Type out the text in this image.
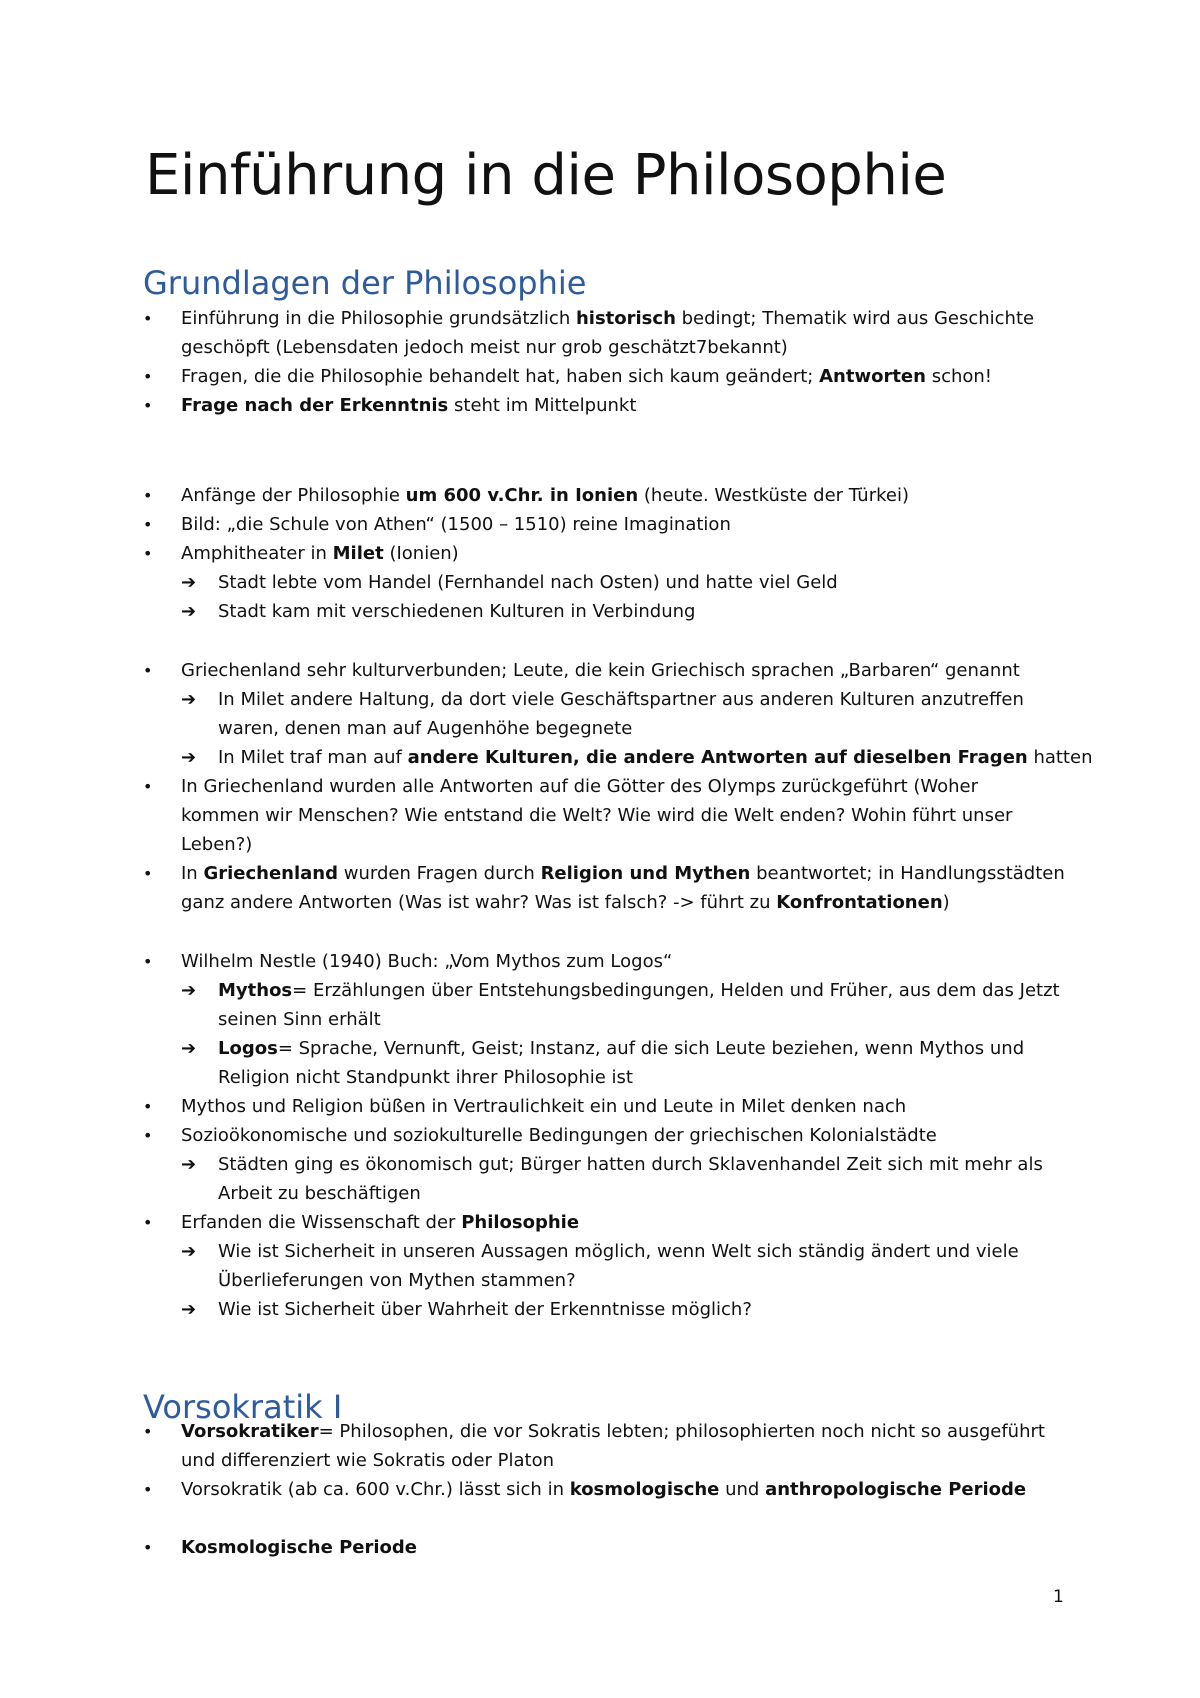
Einführung in die Philosophie
Grundlagen der Philosophie
Vorsokratik I
• Einführung in die Philosophie grundsätzlich historisch bedingt; Thematik wird aus Geschichte
geschöpft (Lebensdaten jedoch meist nur grob geschätzt7bekannt)
• Fragen, die die Philosophie behandelt hat, haben sich kaum geändert; Antworten schon!
• Frage nach der Erkenntnis steht im Mittelpunkt
• Anfänge der Philosophie um 600 v.Chr. in Ionien (heute. Westküste der Türkei)
• Bild: „die Schule von Athen“ (1500 – 1510) reine Imagination
• Amphitheater in Milet (Ionien)
➔ Stadt lebte vom Handel (Fernhandel nach Osten) und hatte viel Geld
➔ Stadt kam mit verschiedenen Kulturen in Verbindung
• Griechenland sehr kulturverbunden; Leute, die kein Griechisch sprachen „Barbaren“ genannt
➔ In Milet andere Haltung, da dort viele Geschäftspartner aus anderen Kulturen anzutreffen
waren, denen man auf Augenhöhe begegnete
➔ In Milet traf man auf andere Kulturen, die andere Antworten auf dieselben Fragen hatten
• In Griechenland wurden alle Antworten auf die Götter des Olymps zurückgeführt (Woher
kommen wir Menschen? Wie entstand die Welt? Wie wird die Welt enden? Wohin führt unser
Leben?)
• In Griechenland wurden Fragen durch Religion und Mythen beantwortet; in Handlungsstädten
ganz andere Antworten (Was ist wahr? Was ist falsch? -> führt zu Konfrontationen)
• Wilhelm Nestle (1940) Buch: „Vom Mythos zum Logos“
➔ Mythos= Erzählungen über Entstehungsbedingungen, Helden und Früher, aus dem das Jetzt
seinen Sinn erhält
➔ Logos= Sprache, Vernunft, Geist; Instanz, auf die sich Leute beziehen, wenn Mythos und
Religion nicht Standpunkt ihrer Philosophie ist
• Mythos und Religion büßen in Vertraulichkeit ein und Leute in Milet denken nach
• Sozioökonomische und soziokulturelle Bedingungen der griechischen Kolonialstädte
➔ Städten ging es ökonomisch gut; Bürger hatten durch Sklavenhandel Zeit sich mit mehr als
Arbeit zu beschäftigen
• Erfanden die Wissenschaft der Philosophie
➔ Wie ist Sicherheit in unseren Aussagen möglich, wenn Welt sich ständig ändert und viele
Überlieferungen von Mythen stammen?
➔ Wie ist Sicherheit über Wahrheit der Erkenntnisse möglich?
• Vorsokratiker= Philosophen, die vor Sokratis lebten; philosophierten noch nicht so ausgeführt
und differenziert wie Sokratis oder Platon
• Vorsokratik (ab ca. 600 v.Chr.) lässt sich in kosmologische und anthropologische Periode
• Kosmologische Periode
1
